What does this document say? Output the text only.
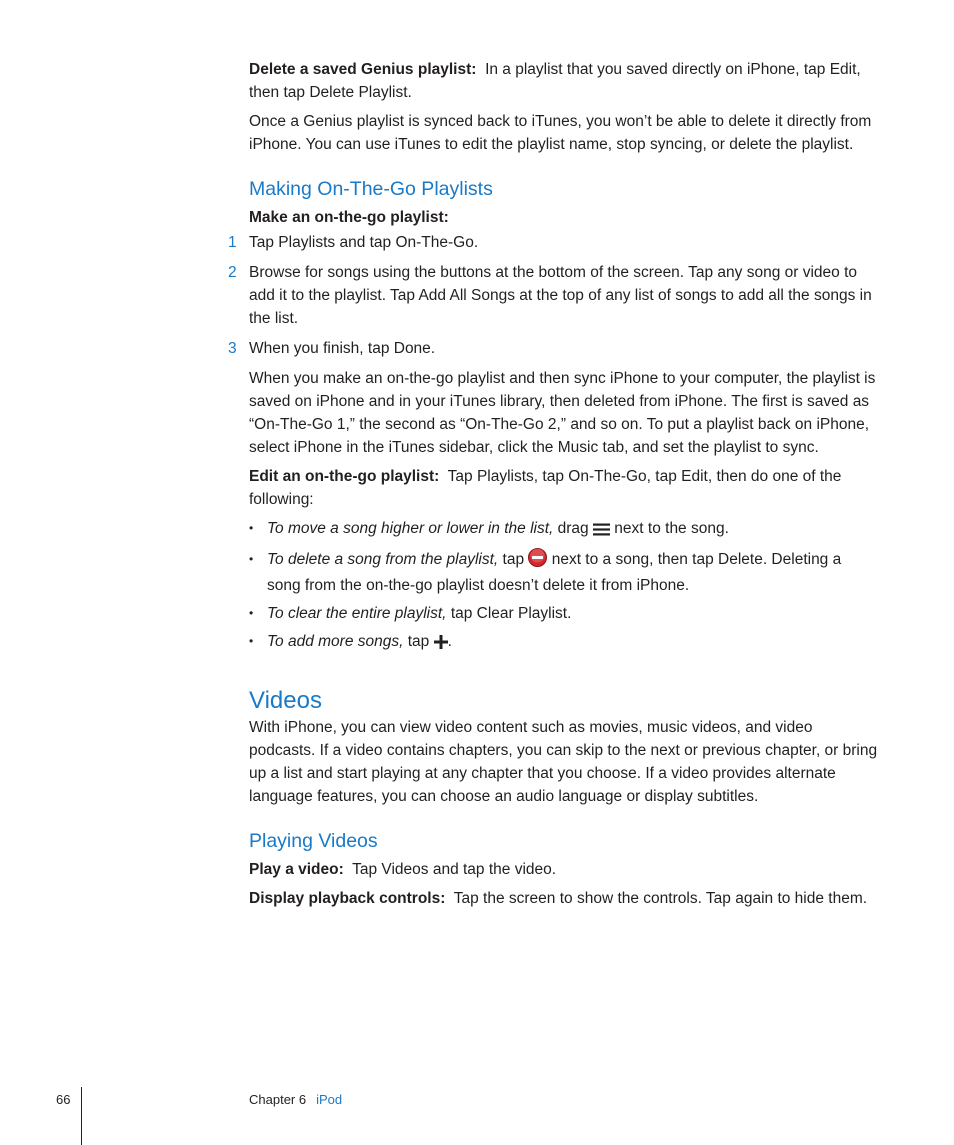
Delete a saved Genius playlist: In a playlist that you saved directly on iPhone, tap Edit, then tap Delete Playlist.

Once a Genius playlist is synced back to iTunes, you won’t be able to delete it directly from iPhone. You can use iTunes to edit the playlist name, stop syncing, or delete the playlist.

Making On-The-Go Playlists

Make an on-the-go playlist:

1 Tap Playlists and tap On-The-Go.
2 Browse for songs using the buttons at the bottom of the screen. Tap any song or video to add it to the playlist. Tap Add All Songs at the top of any list of songs to add all the songs in the list.
3 When you finish, tap Done.

When you make an on-the-go playlist and then sync iPhone to your computer, the playlist is saved on iPhone and in your iTunes library, then deleted from iPhone. The first is saved as “On-The-Go 1,” the second as “On-The-Go 2,” and so on. To put a playlist back on iPhone, select iPhone in the iTunes sidebar, click the Music tab, and set the playlist to sync.

Edit an on-the-go playlist: Tap Playlists, tap On-The-Go, tap Edit, then do one of the following:

• To move a song higher or lower in the list, drag next to the song.
• To delete a song from the playlist, tap next to a song, then tap Delete. Deleting a song from the on-the-go playlist doesn’t delete it from iPhone.
• To clear the entire playlist, tap Clear Playlist.
• To add more songs, tap .
Videos

With iPhone, you can view video content such as movies, music videos, and video podcasts. If a video contains chapters, you can skip to the next or previous chapter, or bring up a list and start playing at any chapter that you choose. If a video provides alternate language features, you can choose an audio language or display subtitles.

Playing Videos

Play a video: Tap Videos and tap the video.

Display playback controls: Tap the screen to show the controls. Tap again to hide them.

66	Chapter 6 iPod
